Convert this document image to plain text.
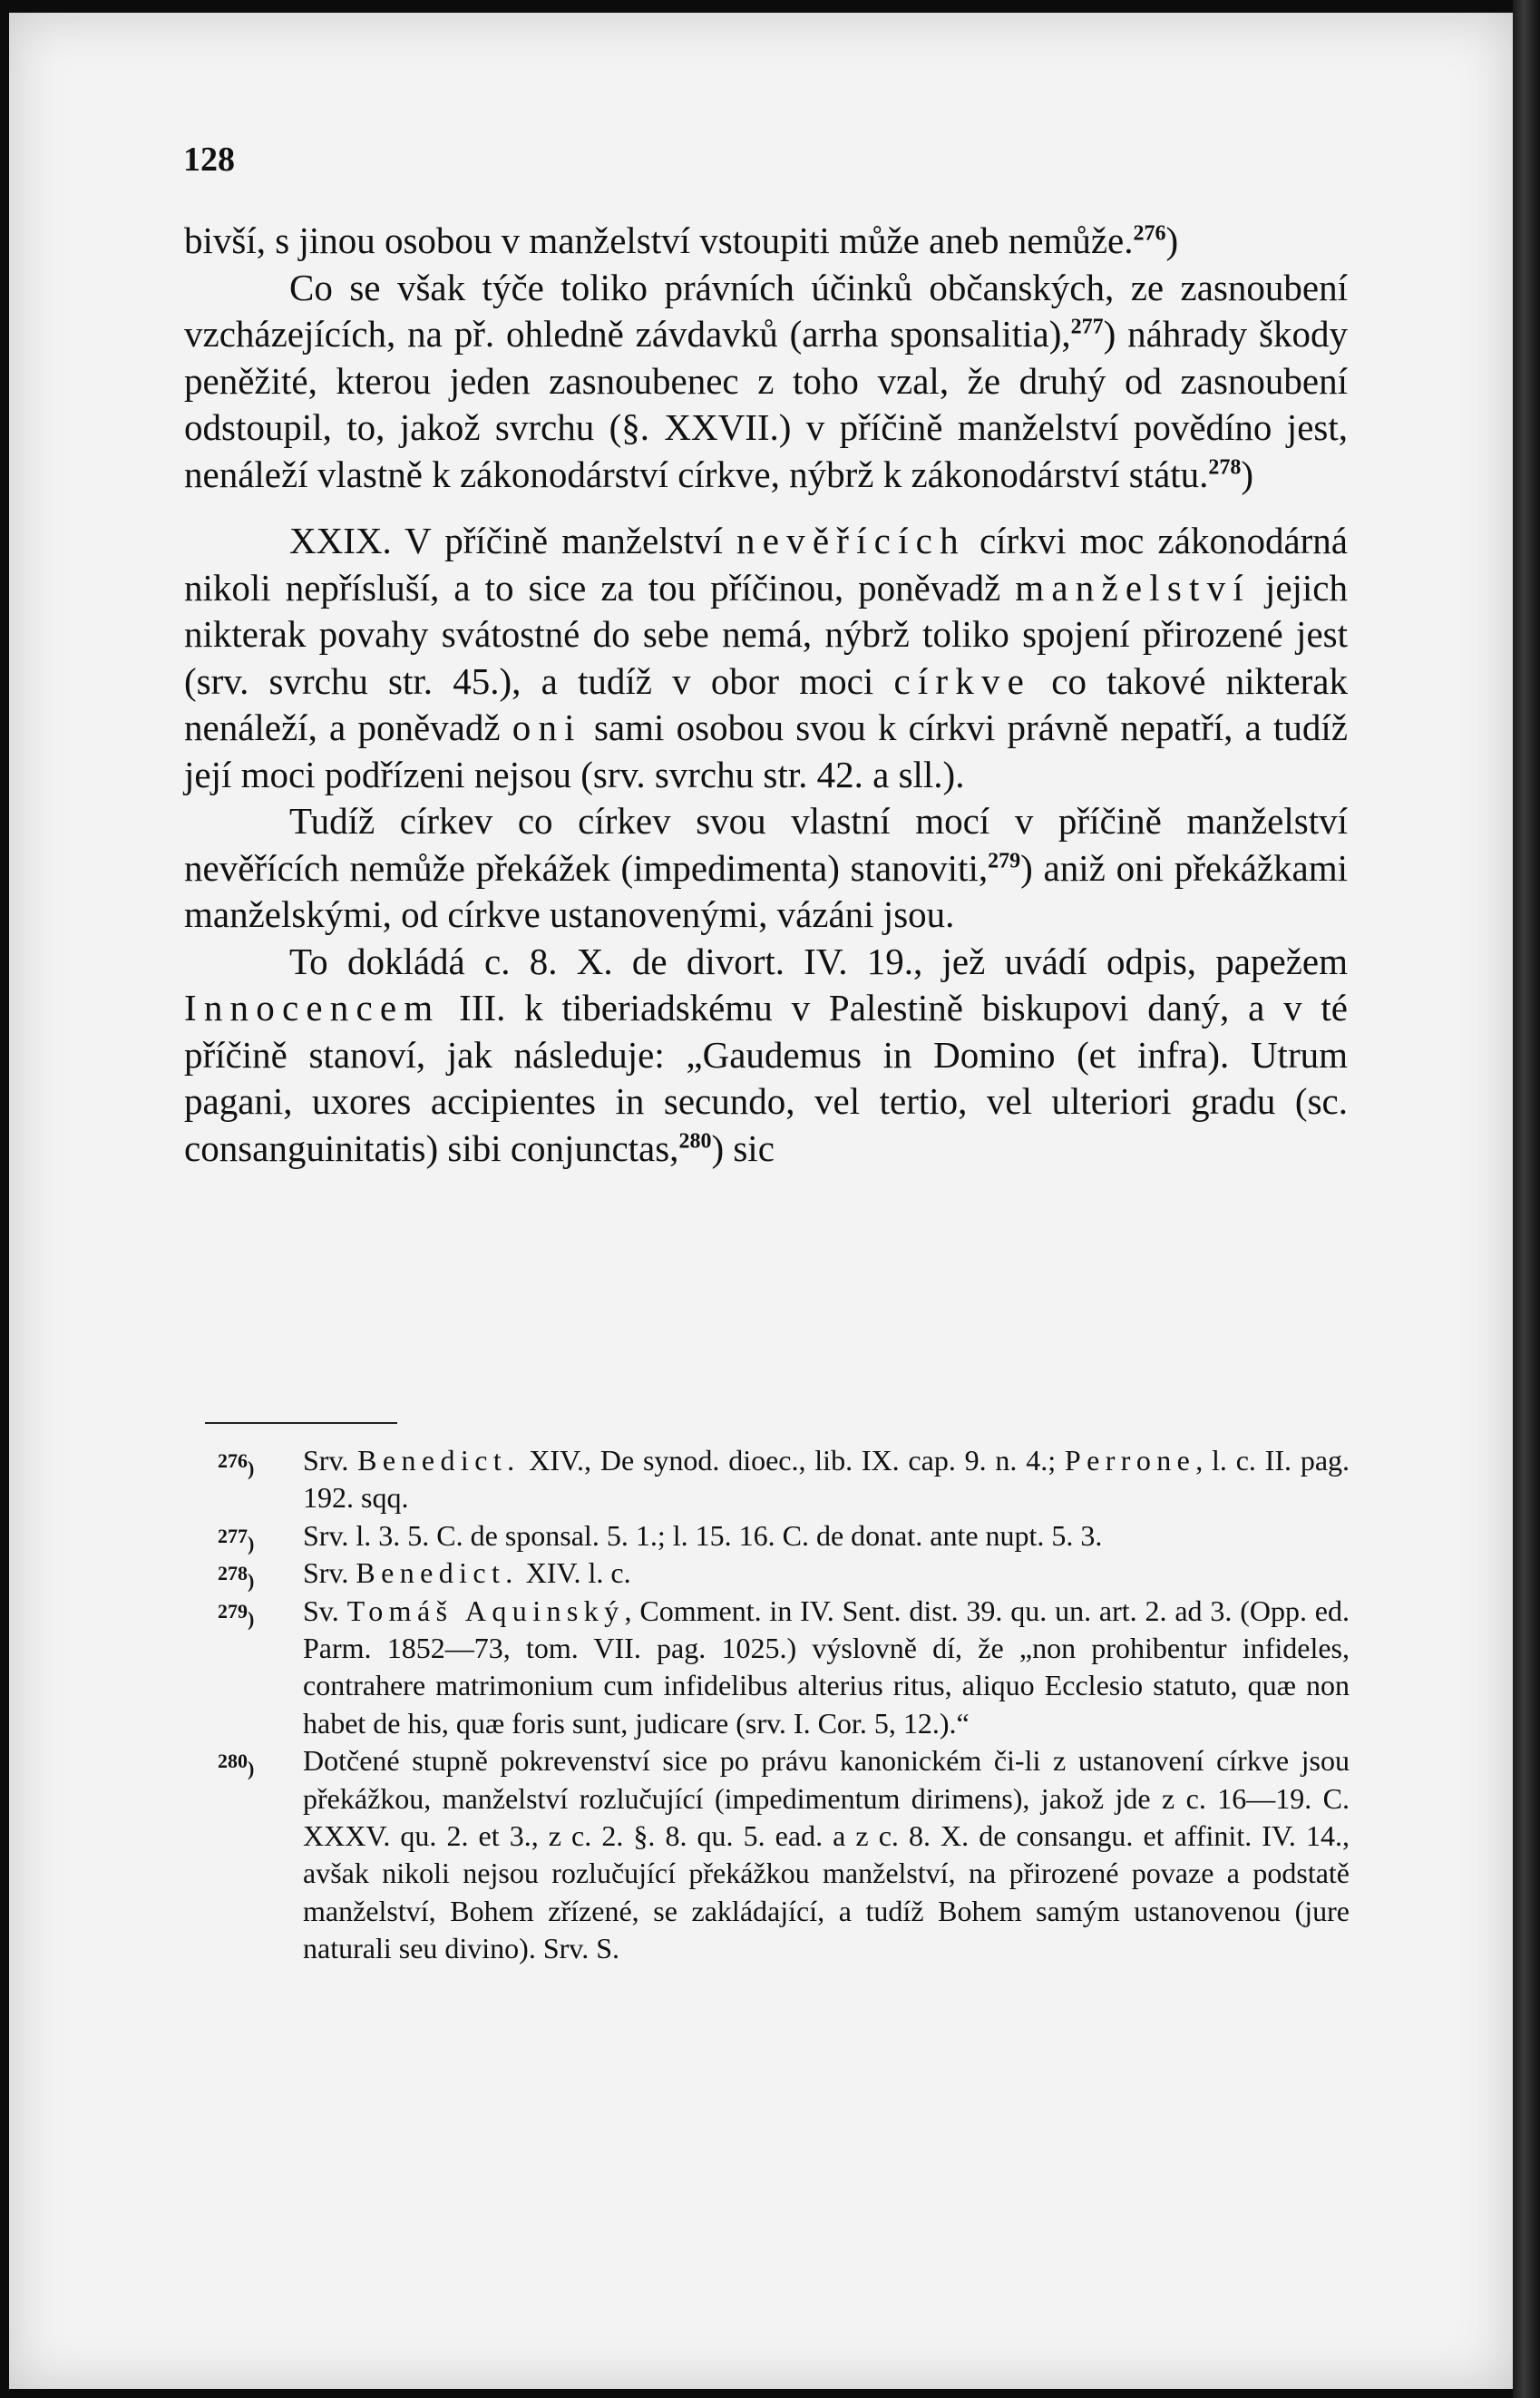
128

bivší, s jinou osobou v manželství vstoupiti může aneb nemůže.$^{276}$)

Co se však týče toliko právních účinků občanských, ze zasnoubení vzcházejících, na př. ohledně závdavků (arrha sponsalitia),$^{277}$) náhrady škody peněžité, kterou jeden zasnoubenec z toho vzal, že druhý od zasnoubení odstoupil, to, jakož svrchu (§. XXVII.) v příčině manželství povědíno jest, nenáleží vlastně k zákonodárství církve, nýbrž k zákonodárství státu.$^{278}$)

XXIX. V příčině manželství nevěřících církvi moc zákonodárná nikoli nepřísluší, a to sice za tou příčinou, poněvadž manželství jejich nikterak povahy svátostné do sebe nemá, nýbrž toliko spojení přirozené jest (srv. svrchu str. 45.), a tudíž v obor moci církve co takové nikterak nenáleží, a poněvadž oni sami osobou svou k církvi právně nepatří, a tudíž její moci podřízeni nejsou (srv. svrchu str. 42. a sll.).

Tudíž církev co církev svou vlastní mocí v příčině manželství nevěřících nemůže překážek (impedimenta) stanoviti,$^{279}$) aniž oni překážkami manželskými, od církve ustanovenými, vázáni jsou.

To dokládá c. 8. X. de divort. IV. 19., jež uvádí odpis, papežem Innocencem III. k tiberiadskému v Palestině biskupovi daný, a v té příčině stanoví, jak následuje: „Gaudemus in Domino (et infra). Utrum pagani, uxores accipientes in secundo, vel tertio, vel ulteriori gradu (sc. consanguinitatis) sibi conjunctas,$^{280}$) sic

$^{276}$) Srv. Benedict. XIV., De synod. dioec., lib. IX. cap. 9. n. 4.; Perrone, l. c. II. pag. 192. sqq.
$^{277}$) Srv. l. 3. 5. C. de sponsal. 5. 1.; l. 15. 16. C. de donat. ante nupt. 5. 3.
$^{278}$) Srv. Benedict. XIV. l. c.
$^{279}$) Sv. Tomáš Aquinský, Comment. in IV. Sent. dist. 39. qu. un. art. 2. ad 3. (Opp. ed. Parm. 1852—73, tom. VII. pag. 1025.) výslovně dí, že „non prohibentur infideles, contrahere matrimonium cum infidelibus alterius ritus, aliquo Ecclesio statuto, quæ non habet de his, quæ foris sunt, judicare (srv. I. Cor. 5, 12.).“
$^{280}$) Dotčené stupně pokrevenství sice po právu kanonickém či-li z ustanovení církve jsou překážkou, manželství rozlučující (impedimentum dirimens), jakož jde z c. 16—19. C. XXXV. qu. 2. et 3., z c. 2. §. 8. qu. 5. ead. a z c. 8. X. de consangu. et affinit. IV. 14., avšak nikoli nejsou rozlučující překážkou manželství, na přirozené povaze a podstatě manželství, Bohem zřízené, se zakládající, a tudíž Bohem samým ustanovenou (jure naturali seu divino). Srv. S.
